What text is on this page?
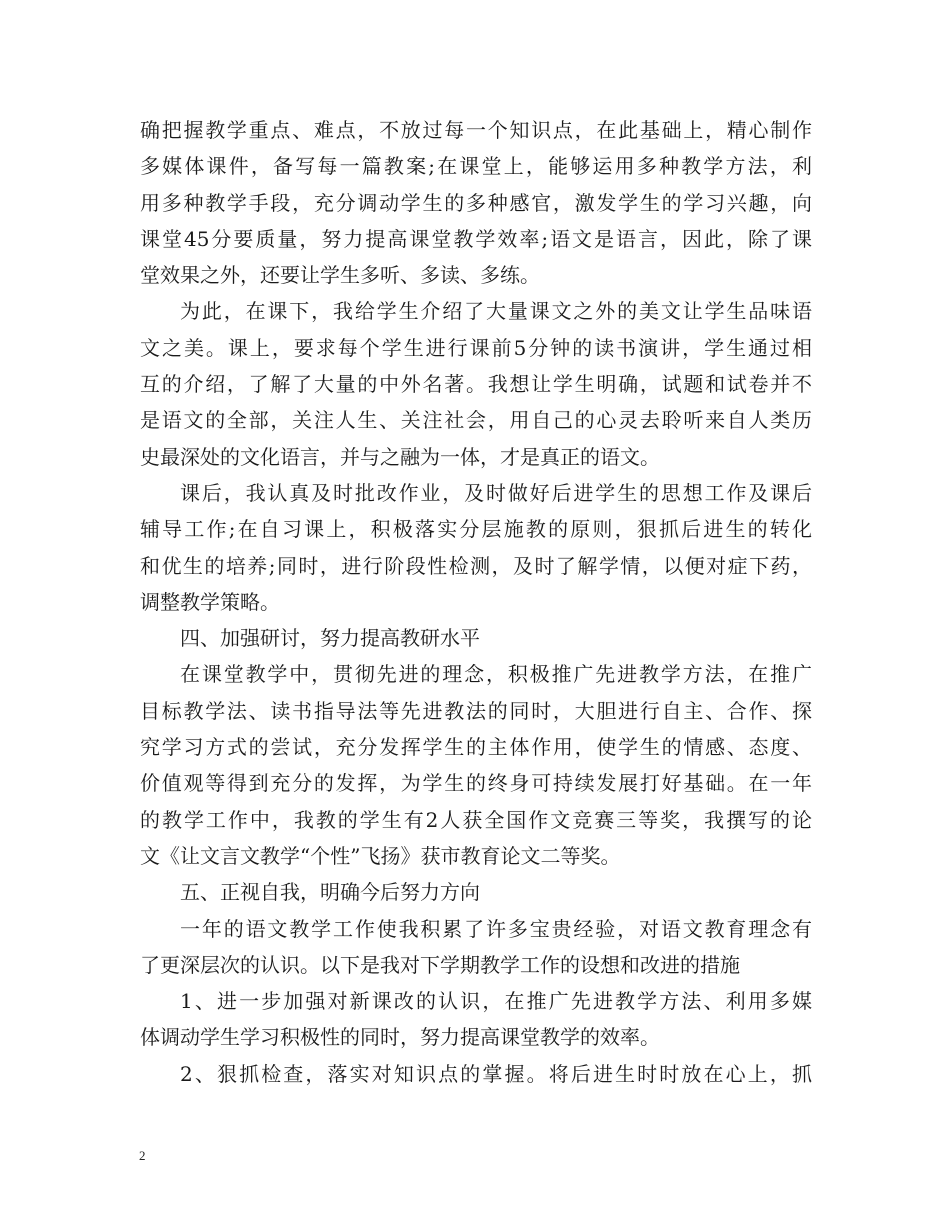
确把握教学重点、难点，不放过每一个知识点，在此基础上，精心制作
多媒体课件，备写每一篇教案;在课堂上，能够运用多种教学方法，利
用多种教学手段，充分调动学生的多种感官，激发学生的学习兴趣，向
课堂45分要质量，努力提高课堂教学效率;语文是语言，因此，除了课
堂效果之外，还要让学生多听、多读、多练。
为此，在课下，我给学生介绍了大量课文之外的美文让学生品味语
文之美。课上，要求每个学生进行课前5分钟的读书演讲，学生通过相
互的介绍，了解了大量的中外名著。我想让学生明确，试题和试卷并不
是语文的全部，关注人生、关注社会，用自己的心灵去聆听来自人类历
史最深处的文化语言，并与之融为一体，才是真正的语文。
课后，我认真及时批改作业，及时做好后进学生的思想工作及课后
辅导工作;在自习课上，积极落实分层施教的原则，狠抓后进生的转化
和优生的培养;同时，进行阶段性检测，及时了解学情，以便对症下药，
调整教学策略。
四、加强研讨，努力提高教研水平
在课堂教学中，贯彻先进的理念，积极推广先进教学方法，在推广
目标教学法、读书指导法等先进教法的同时，大胆进行自主、合作、探
究学习方式的尝试，充分发挥学生的主体作用，使学生的情感、态度、
价值观等得到充分的发挥，为学生的终身可持续发展打好基础。在一年
的教学工作中，我教的学生有2人获全国作文竞赛三等奖，我撰写的论
文《让文言文教学“个性”飞扬》获市教育论文二等奖。
五、正视自我，明确今后努力方向
一年的语文教学工作使我积累了许多宝贵经验，对语文教育理念有
了更深层次的认识。以下是我对下学期教学工作的设想和改进的措施
1、进一步加强对新课改的认识，在推广先进教学方法、利用多媒
体调动学生学习积极性的同时，努力提高课堂教学的效率。
2、狠抓检查，落实对知识点的掌握。将后进生时时放在心上，抓
2
